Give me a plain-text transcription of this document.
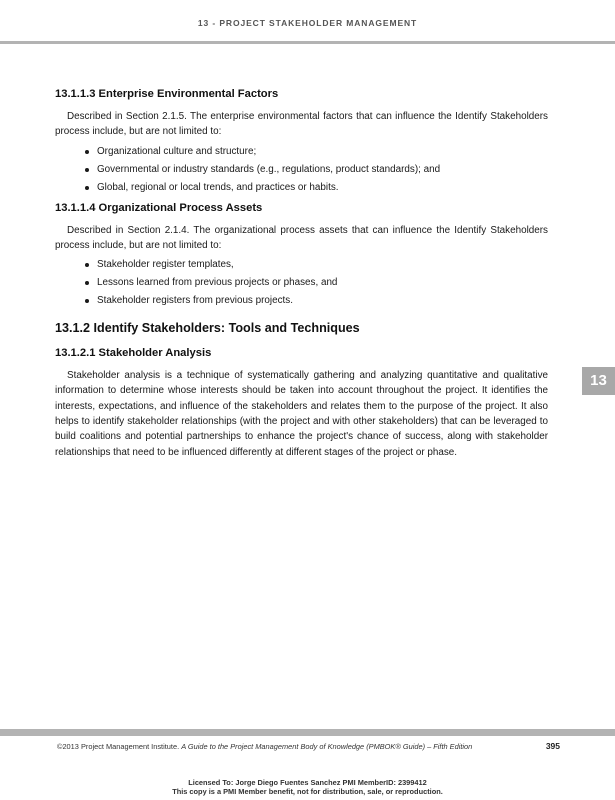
13 - PROJECT STAKEHOLDER MANAGEMENT
13.1.1.3 Enterprise Environmental Factors

Described in Section 2.1.5. The enterprise environmental factors that can influence the Identify Stakeholders process include, but are not limited to:

Organizational culture and structure;
Governmental or industry standards (e.g., regulations, product standards); and
Global, regional or local trends, and practices or habits.
13.1.1.4 Organizational Process Assets

Described in Section 2.1.4. The organizational process assets that can influence the Identify Stakeholders process include, but are not limited to:

Stakeholder register templates,
Lessons learned from previous projects or phases, and
Stakeholder registers from previous projects.
13.1.2 Identify Stakeholders: Tools and Techniques
13.1.2.1 Stakeholder Analysis

Stakeholder analysis is a technique of systematically gathering and analyzing quantitative and qualitative information to determine whose interests should be taken into account throughout the project. It identifies the interests, expectations, and influence of the stakeholders and relates them to the purpose of the project. It also helps to identify stakeholder relationships (with the project and with other stakeholders) that can be leveraged to build coalitions and potential partnerships to enhance the project's chance of success, along with stakeholder relationships that need to be influenced differently at different stages of the project or phase.

13
©2013 Project Management Institute. A Guide to the Project Management Body of Knowledge (PMBOK® Guide) – Fifth Edition	395
Licensed To: Jorge Diego Fuentes Sanchez PMI MemberID: 2399412
This copy is a PMI Member benefit, not for distribution, sale, or reproduction.
